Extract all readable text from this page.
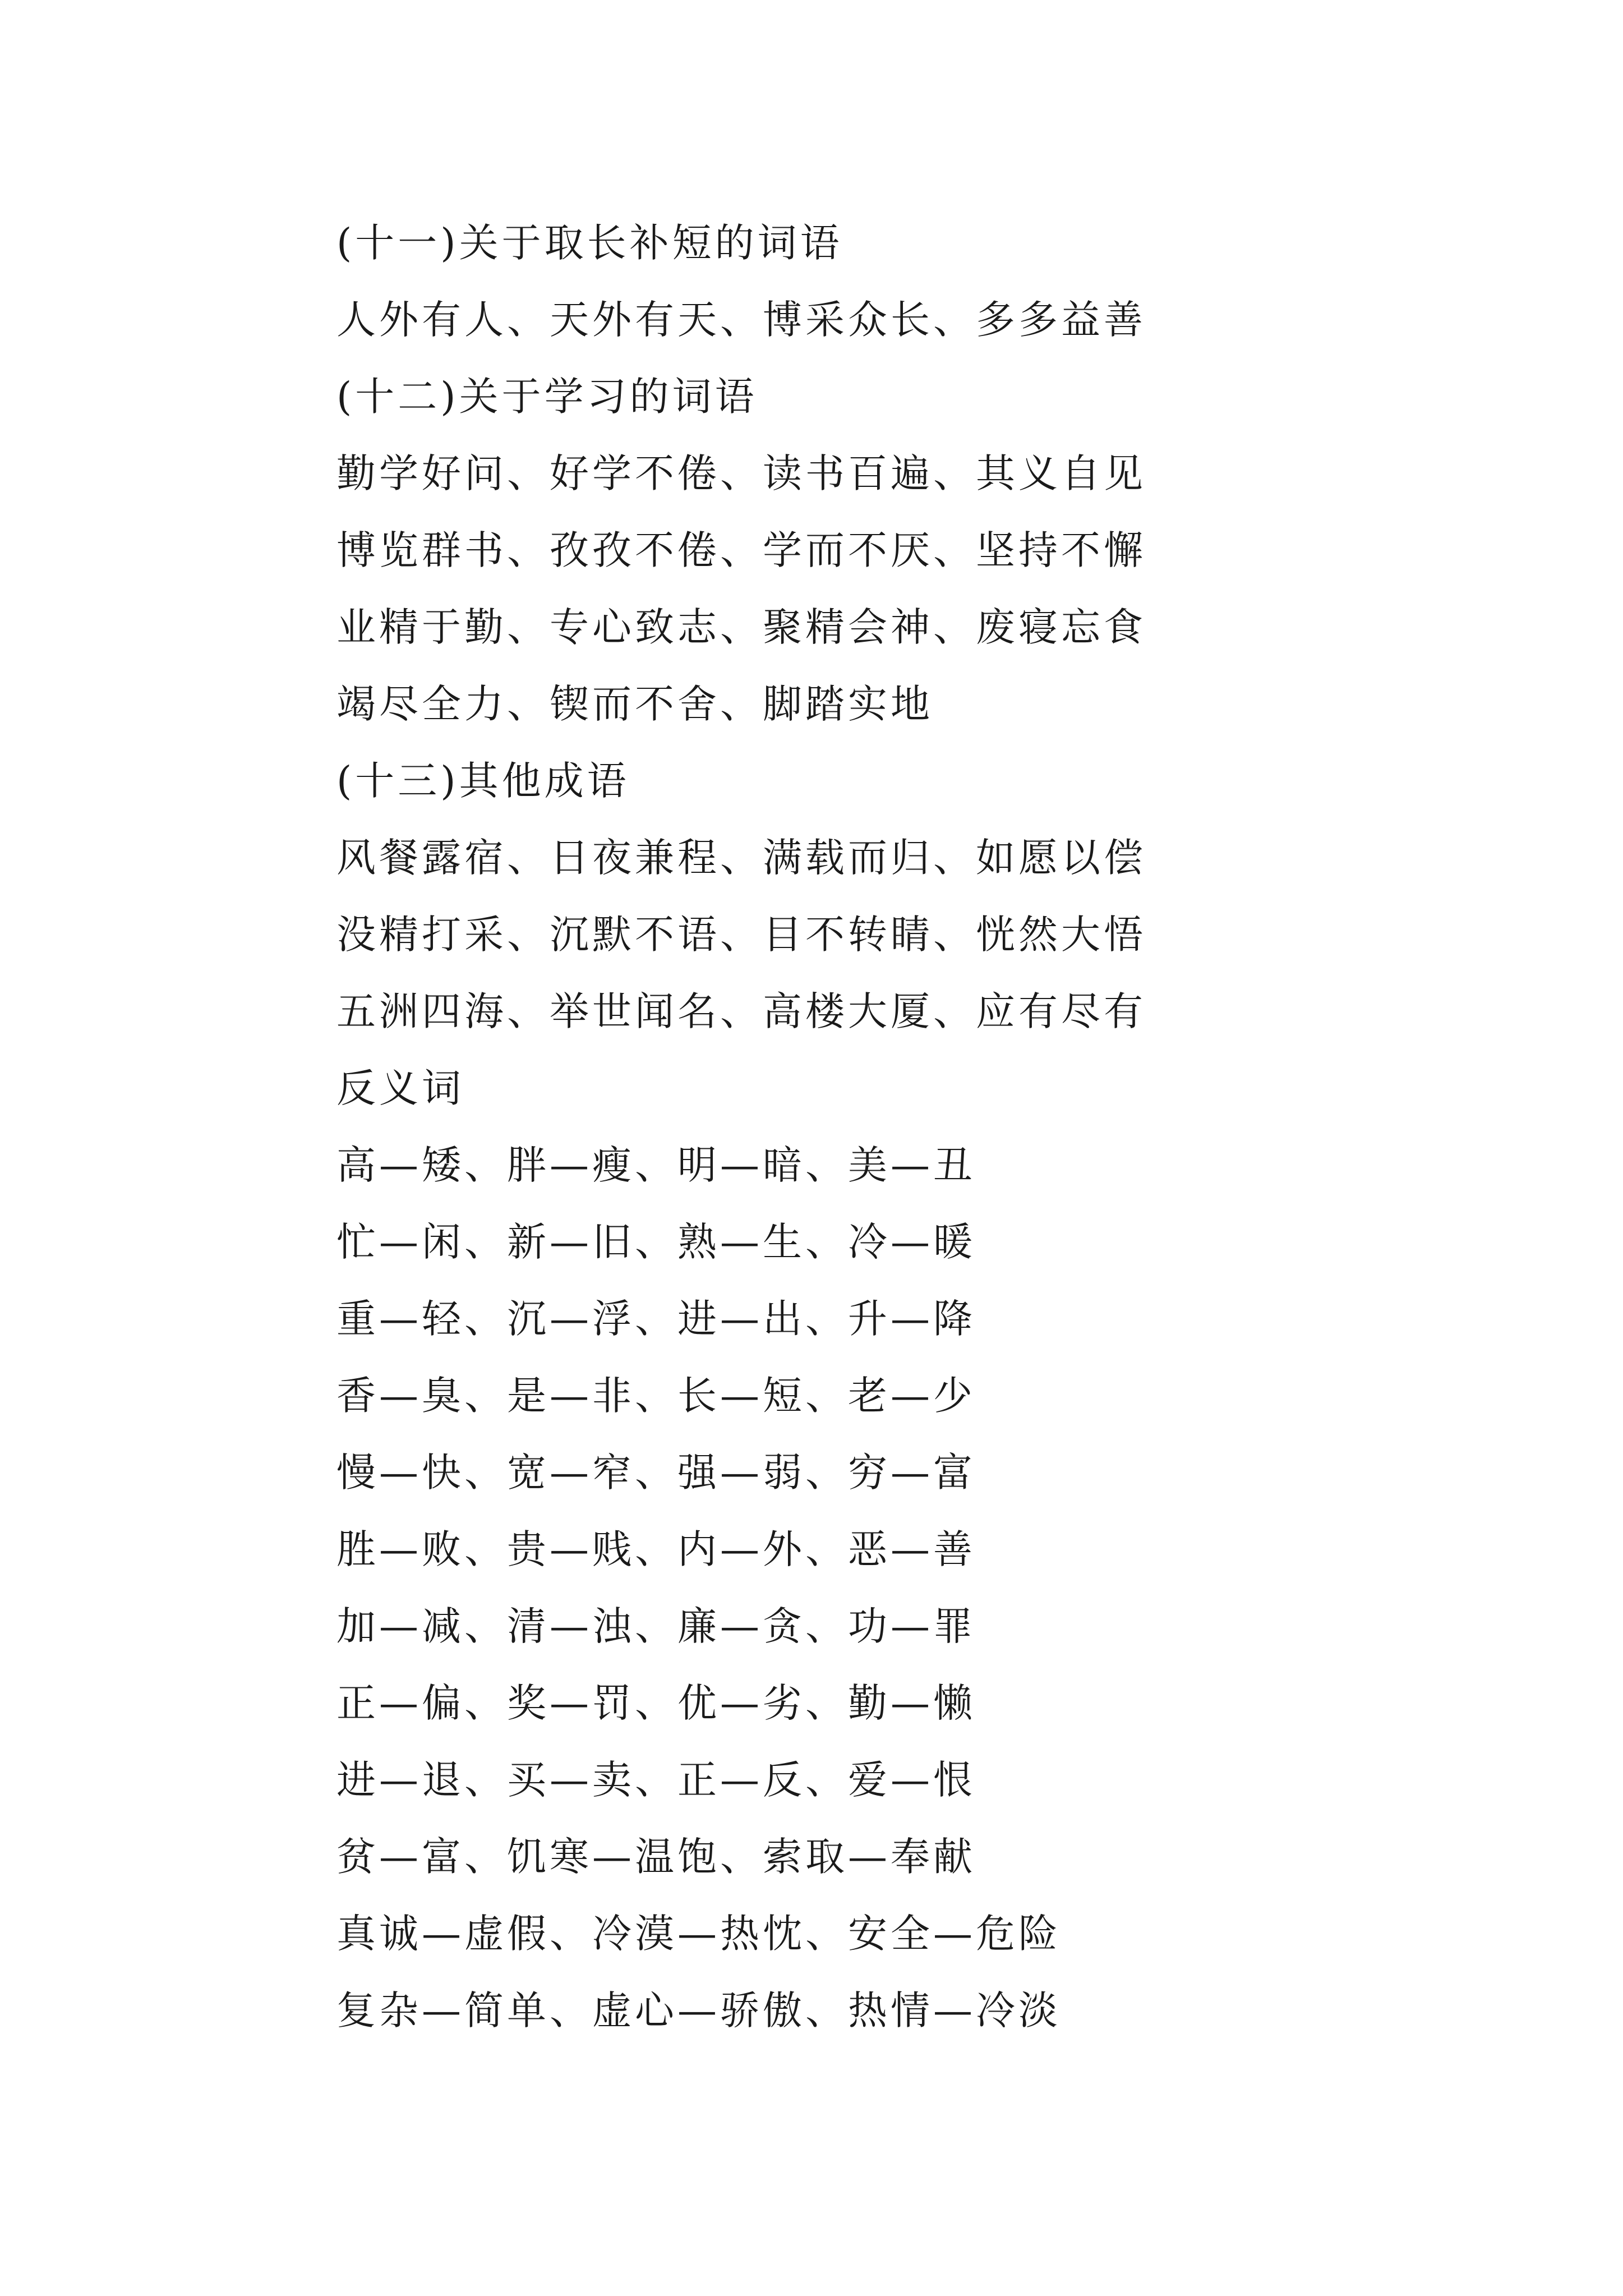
(十一)关于取长补短的词语
人外有人、天外有天、博采众长、多多益善
(十二)关于学习的词语
勤学好问、好学不倦、读书百遍、其义自见
博览群书、孜孜不倦、学而不厌、坚持不懈
业精于勤、专心致志、聚精会神、废寝忘食
竭尽全力、锲而不舍、脚踏实地
(十三)其他成语
风餐露宿、日夜兼程、满载而归、如愿以偿
没精打采、沉默不语、目不转睛、恍然大悟
五洲四海、举世闻名、高楼大厦、应有尽有
反义词
高—矮、胖—瘦、明—暗、美—丑
忙—闲、新—旧、熟—生、冷—暖
重—轻、沉—浮、进—出、升—降
香—臭、是—非、长—短、老—少
慢—快、宽—窄、强—弱、穷—富
胜—败、贵—贱、内—外、恶—善
加—减、清—浊、廉—贪、功—罪
正—偏、奖—罚、优—劣、勤—懒
进—退、买—卖、正—反、爱—恨
贫—富、饥寒—温饱、索取—奉献
真诚—虚假、冷漠—热忱、安全—危险
复杂—简单、虚心—骄傲、热情—冷淡
